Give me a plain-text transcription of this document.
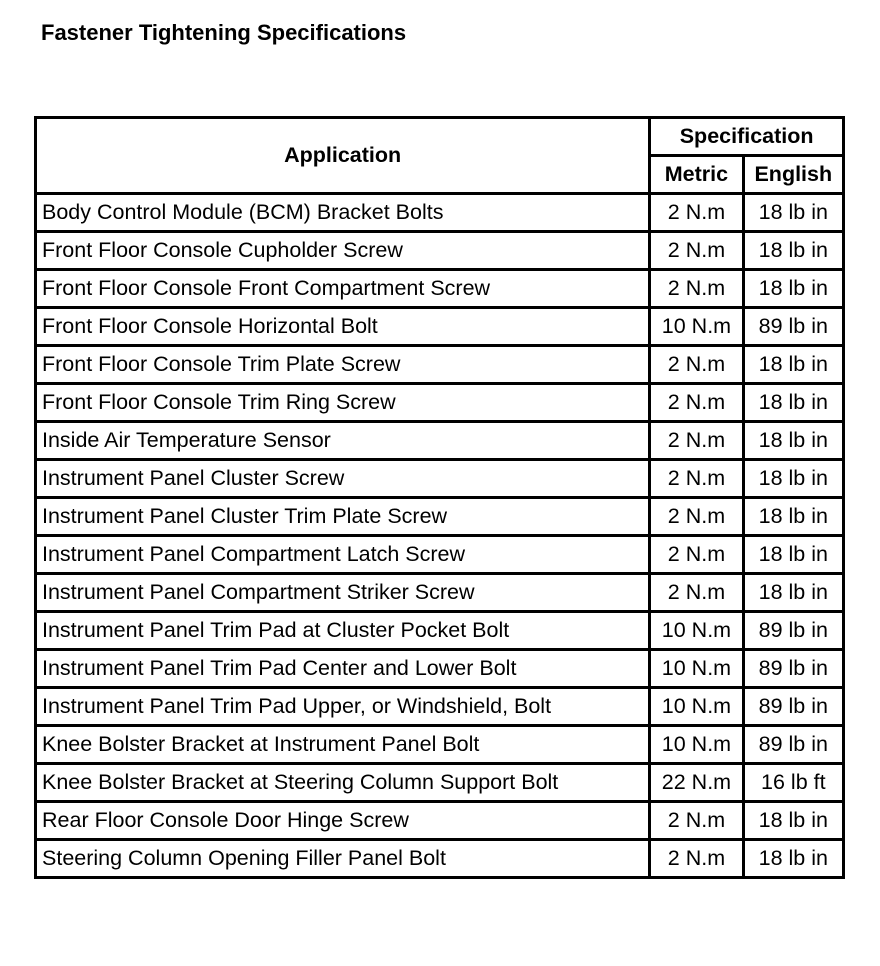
Fastener Tightening Specifications
Application	Specification	
	Metric	English
Body Control Module (BCM) Bracket Bolts	2 N.m	18 lb in
Front Floor Console Cupholder Screw	2 N.m	18 lb in
Front Floor Console Front Compartment Screw	2 N.m	18 lb in
Front Floor Console Horizontal Bolt	10 N.m	89 lb in
Front Floor Console Trim Plate Screw	2 N.m	18 lb in
Front Floor Console Trim Ring Screw	2 N.m	18 lb in
Inside Air Temperature Sensor	2 N.m	18 lb in
Instrument Panel Cluster Screw	2 N.m	18 lb in
Instrument Panel Cluster Trim Plate Screw	2 N.m	18 lb in
Instrument Panel Compartment Latch Screw	2 N.m	18 lb in
Instrument Panel Compartment Striker Screw	2 N.m	18 lb in
Instrument Panel Trim Pad at Cluster Pocket Bolt	10 N.m	89 lb in
Instrument Panel Trim Pad Center and Lower Bolt	10 N.m	89 lb in
Instrument Panel Trim Pad Upper, or Windshield, Bolt	10 N.m	89 lb in
Knee Bolster Bracket at Instrument Panel Bolt	10 N.m	89 lb in
Knee Bolster Bracket at Steering Column Support Bolt	22 N.m	16 lb ft
Rear Floor Console Door Hinge Screw	2 N.m	18 lb in
Steering Column Opening Filler Panel Bolt	2 N.m	18 lb in
